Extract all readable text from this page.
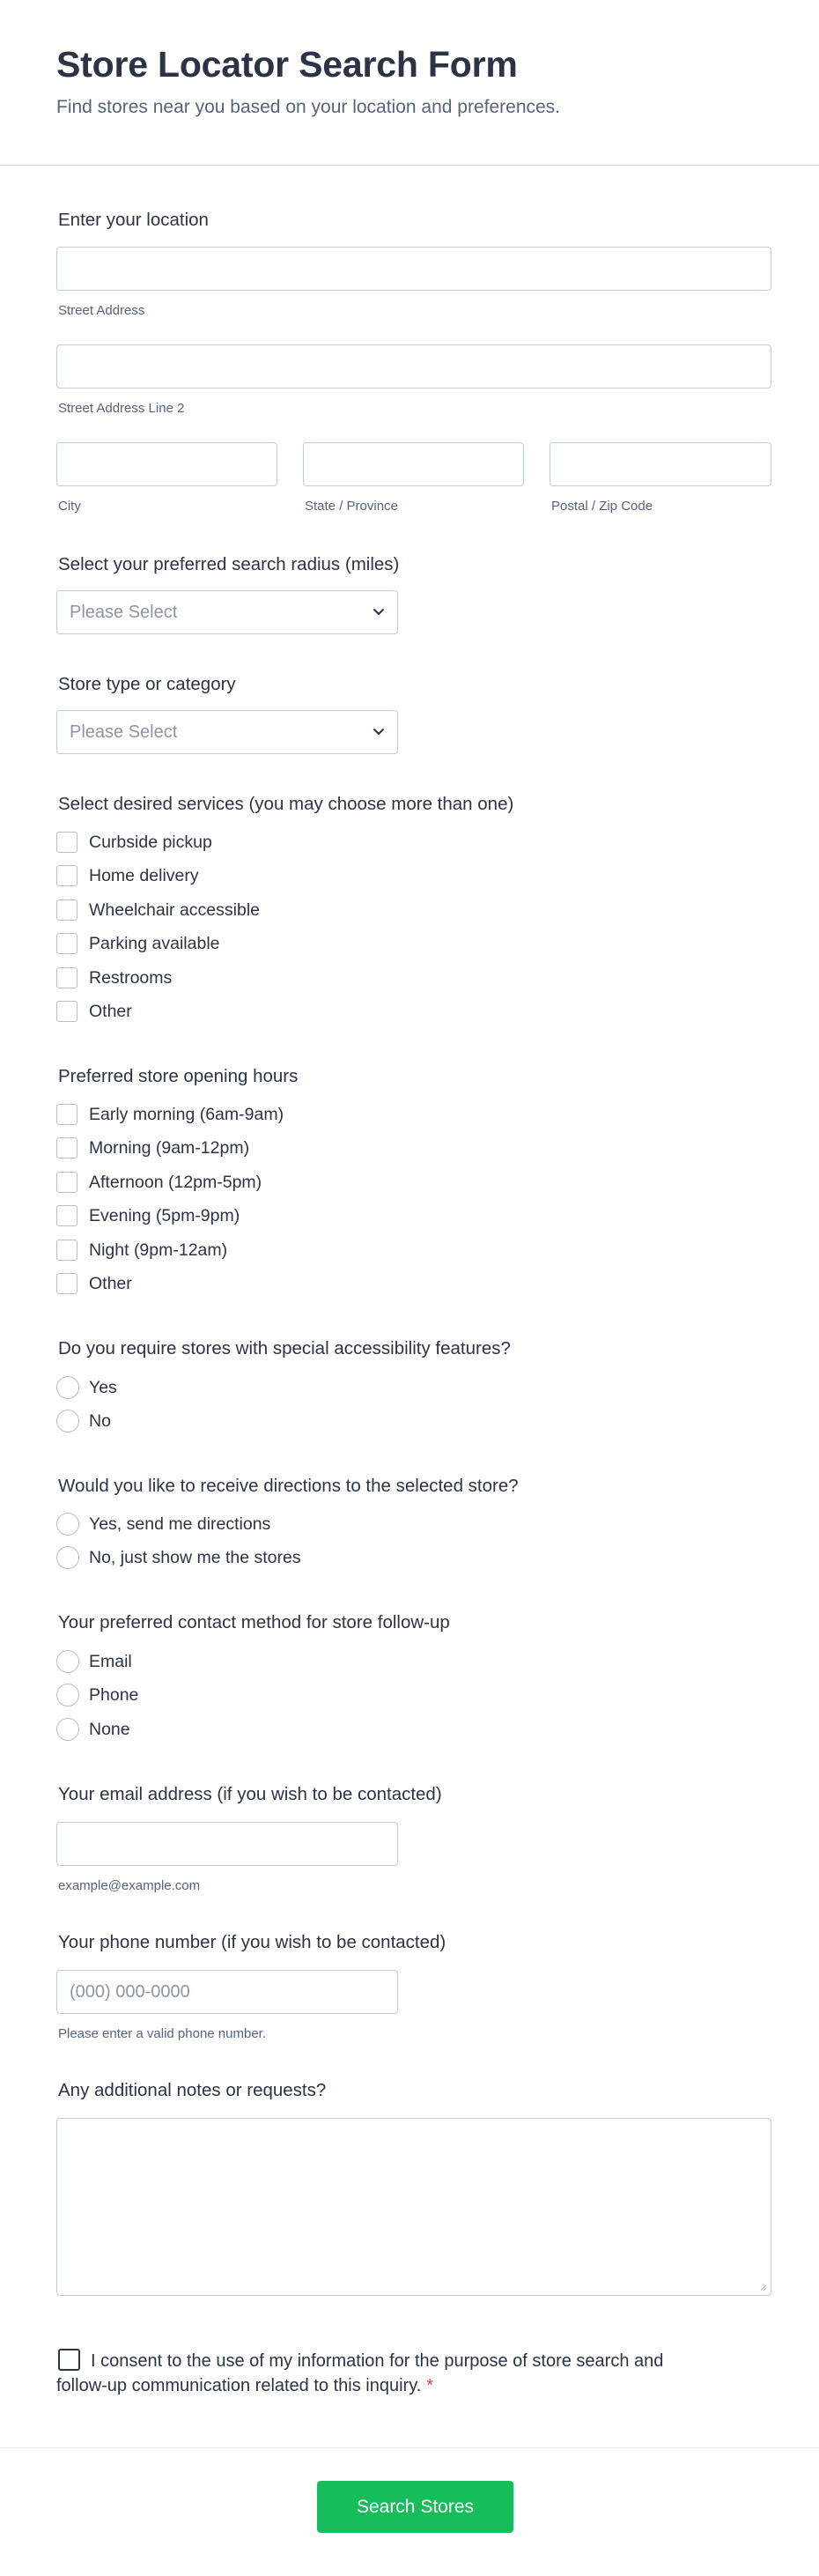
Store Locator Search Form
Find stores near you based on your location and preferences.
Enter your location
Street Address
Street Address Line 2
City	State / Province	Postal / Zip Code
Select your preferred search radius (miles)
Please Select
Store type or category
Please Select
Select desired services (you may choose more than one)
Curbside pickup
Home delivery
Wheelchair accessible
Parking available
Restrooms
Other
Preferred store opening hours
Early morning (6am-9am)
Morning (9am-12pm)
Afternoon (12pm-5pm)
Evening (5pm-9pm)
Night (9pm-12am)
Other
Do you require stores with special accessibility features?
Yes
No
Would you like to receive directions to the selected store?
Yes, send me directions
No, just show me the stores
Your preferred contact method for store follow-up
Email
Phone
None
Your email address (if you wish to be contacted)
example@example.com
Your phone number (if you wish to be contacted)
(000) 000-0000
Please enter a valid phone number.
Any additional notes or requests?
I consent to the use of my information for the purpose of store search and follow-up communication related to this inquiry. *
Search Stores
